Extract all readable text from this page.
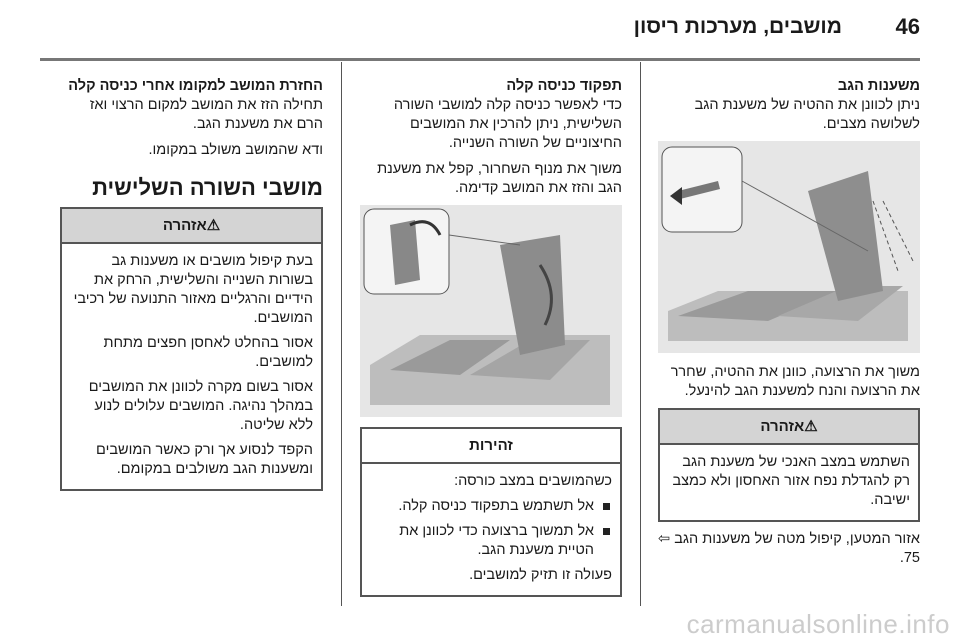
46
מושבים, מערכות ריסון
משענות הגב

ניתן לכוונן את ההטיה של משענת הגב לשלושה מצבים.

משוך את הרצועה, כוונן את ההטיה, שחרר את הרצועה והנח למשענת הגב להינעל.

⚠אזהרה

השתמש במצב האנכי של משענת הגב רק להגדלת נפח אזור האחסון ולא כמצב ישיבה.

אזור המטען, קיפול מטה של משענות הגב ⇦ 75.

תפקוד כניסה קלה

כדי לאפשר כניסה קלה למושבי השורה השלישית, ניתן להרכין את המושבים החיצוניים של השורה השנייה.

משוך את מנוף השחרור, קפל את משענת הגב והזז את המושב קדימה.

זהירות

כשהמושבים במצב כורסה:

אל תשתמש בתפקוד כניסה קלה.
אל תמשוך ברצועה כדי לכוונן את הטיית משענת הגב.

פעולה זו תזיק למושבים.

החזרת המושב למקומו אחרי כניסה קלה

תחילה הזז את המושב למקום הרצוי ואז הרם את משענת הגב.

ודא שהמושב משולב במקומו.

מושבי השורה השלישית
⚠אזהרה

בעת קיפול מושבים או משענות גב בשורות השנייה והשלישית, הרחק את הידיים והרגליים מאזור התנועה של רכיבי המושבים.

אסור בהחלט לאחסן חפצים מתחת למושבים.

אסור בשום מקרה לכוונן את המושבים במהלך נהיגה. המושבים עלולים לנוע ללא שליטה.

הקפד לנסוע אך ורק כאשר המושבים ומשענות הגב משולבים במקומם.

carmanualsonline.info
